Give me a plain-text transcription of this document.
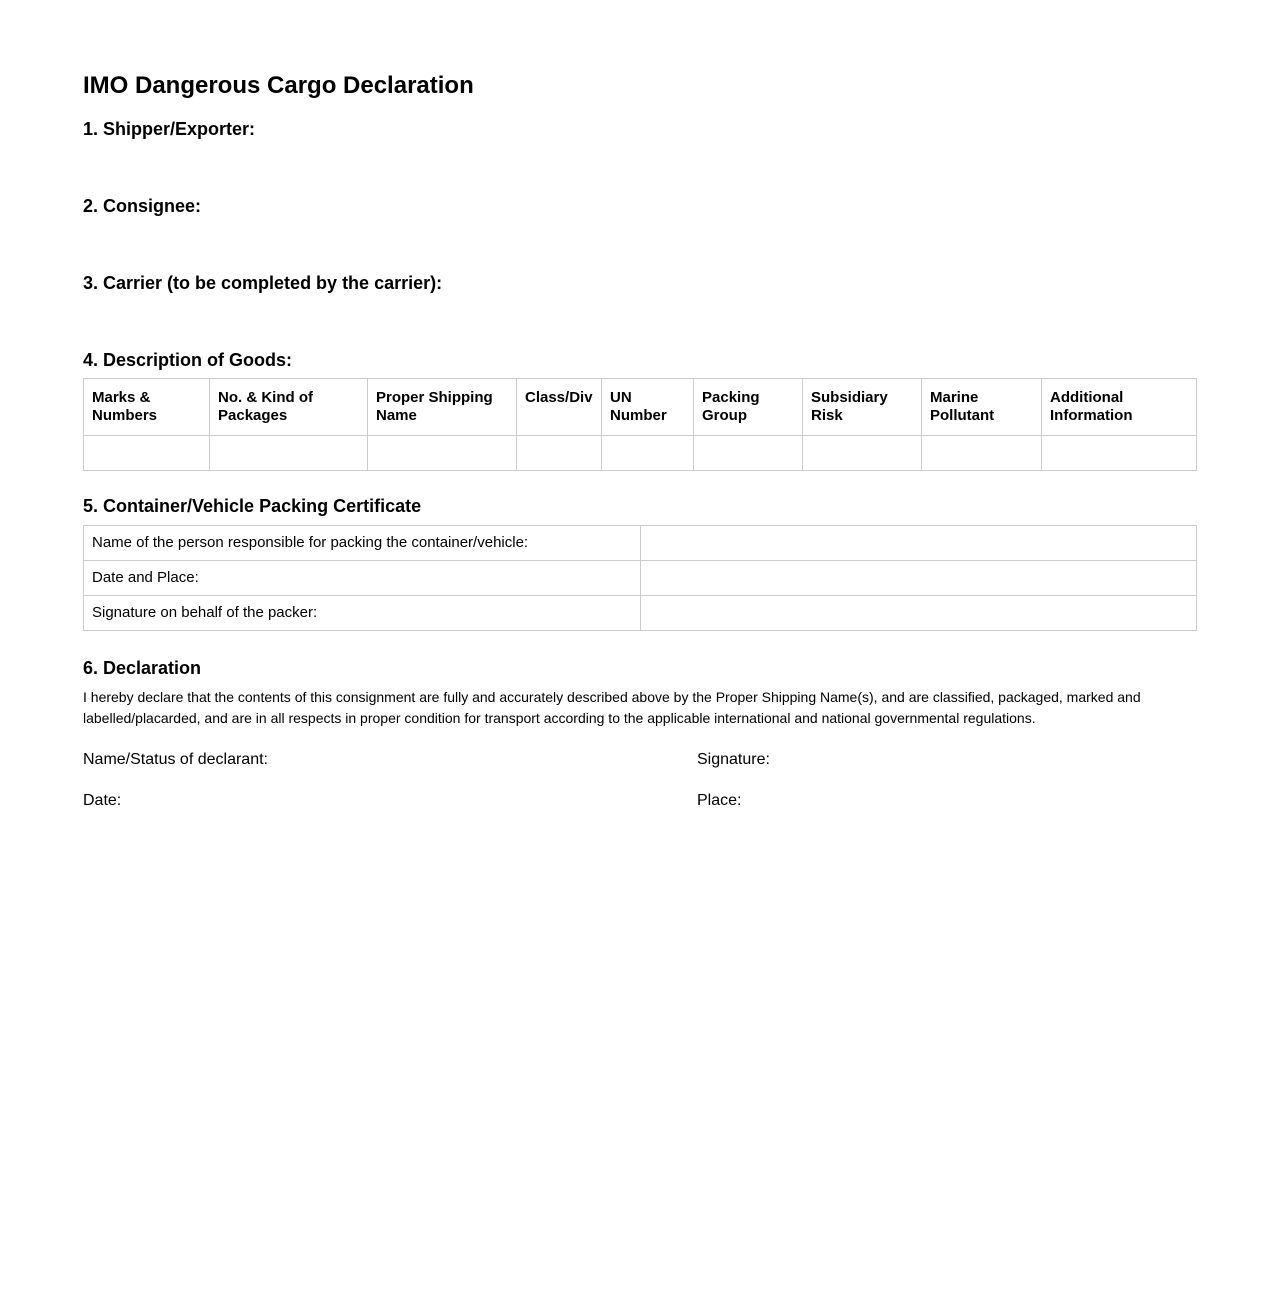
IMO Dangerous Cargo Declaration
1. Shipper/Exporter:
2. Consignee:
3. Carrier (to be completed by the carrier):
4. Description of Goods:
Marks & Numbers	No. & Kind of Packages	Proper Shipping Name	Class/Div	UN Number	Packing Group	Subsidiary Risk	Marine Pollutant	Additional Information

5. Container/Vehicle Packing Certificate
Name of the person responsible for packing the container/vehicle:	
Date and Place:	
Signature on behalf of the packer:	
6. Declaration

I hereby declare that the contents of this consignment are fully and accurately described above by the Proper Shipping Name(s), and are classified, packaged, marked and labelled/placarded, and are in all respects in proper condition for transport according to the applicable international and national governmental regulations.

Name/Status of declarant:	Signature:
Date:	Place:
